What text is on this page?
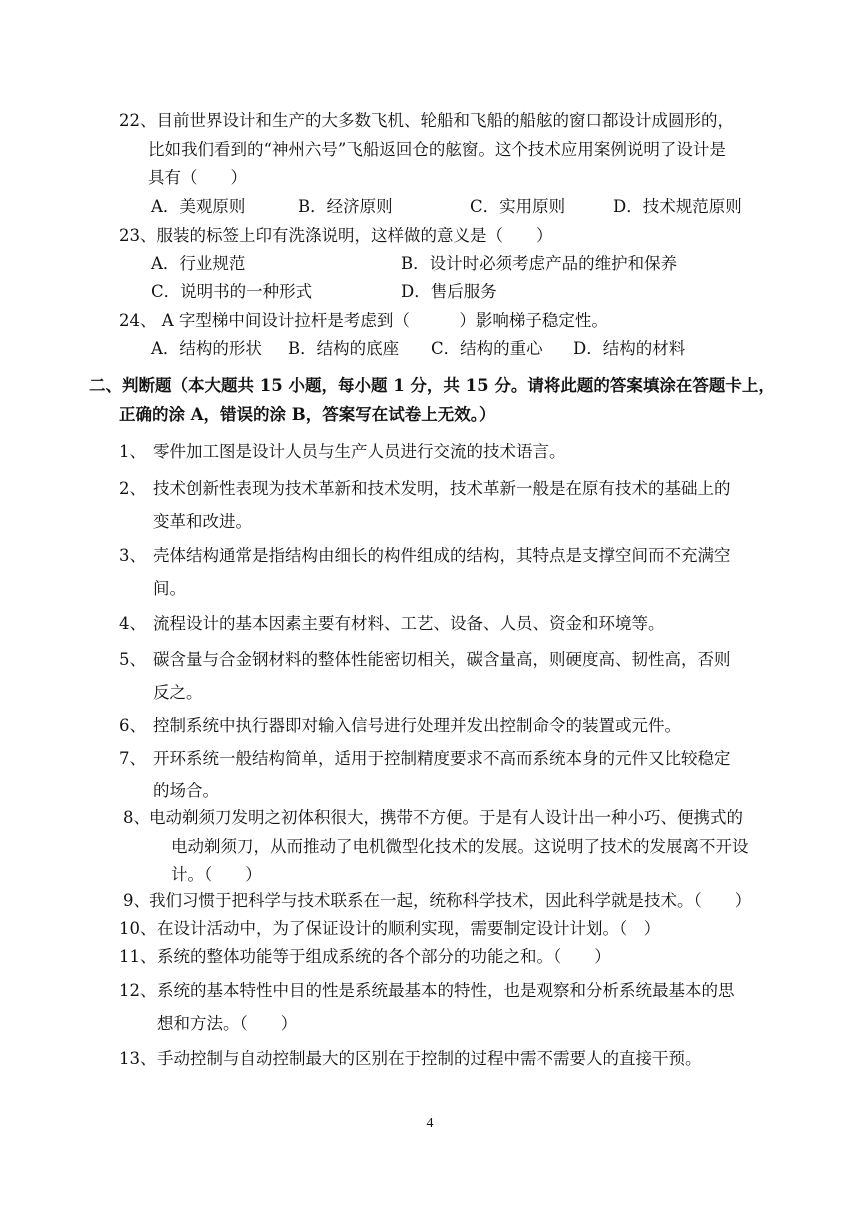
22、目前世界设计和生产的大多数飞机、轮船和飞船的船舷的窗口都设计成圆形的，
比如我们看到的“神州六号”飞船返回仓的舷窗。这个技术应用案例说明了设计是
具有（　　）
A．美观原则	B．经济原则	C．实用原则	D．技术规范原则
23、服装的标签上印有洗涤说明，这样做的意义是（　　）
A．行业规范	B．设计时必须考虑产品的维护和保养
C．说明书的一种形式	D．售后服务
24、 A 字型梯中间设计拉杆是考虑到（　　　）影响梯子稳定性。
A．结构的形状 B．结构的底座 C．结构的重心 D．结构的材料
二、判断题（本大题共 15 小题，每小题 1 分，共 15 分。请将此题的答案填涂在答题卡上，
正确的涂 A，错误的涂 B，答案写在试卷上无效。）
1、 零件加工图是设计人员与生产人员进行交流的技术语言。
2、 技术创新性表现为技术革新和技术发明，技术革新一般是在原有技术的基础上的
变革和改进。
3、 壳体结构通常是指结构由细长的构件组成的结构，其特点是支撑空间而不充满空
间。
4、 流程设计的基本因素主要有材料、工艺、设备、人员、资金和环境等。
5、 碳含量与合金钢材料的整体性能密切相关，碳含量高，则硬度高、韧性高，否则
反之。
6、 控制系统中执行器即对输入信号进行处理并发出控制命令的装置或元件。
7、 开环系统一般结构简单，适用于控制精度要求不高而系统本身的元件又比较稳定
的场合。
8、 电动剃须刀发明之初体积很大，携带不方便。于是有人设计出一种小巧、便携式的
电动剃须刀，从而推动了电机微型化技术的发展。这说明了技术的发展离不开设
计。（　　）
9、 我们习惯于把科学与技术联系在一起，统称科学技术，因此科学就是技术。（　　）
10、 在设计活动中，为了保证设计的顺利实现，需要制定设计计划。（　）
11、 系统的整体功能等于组成系统的各个部分的功能之和。（　　）
12、 系统的基本特性中目的性是系统最基本的特性，也是观察和分析系统最基本的思
想和方法。（　　）
13、 手动控制与自动控制最大的区别在于控制的过程中需不需要人的直接干预。
4
